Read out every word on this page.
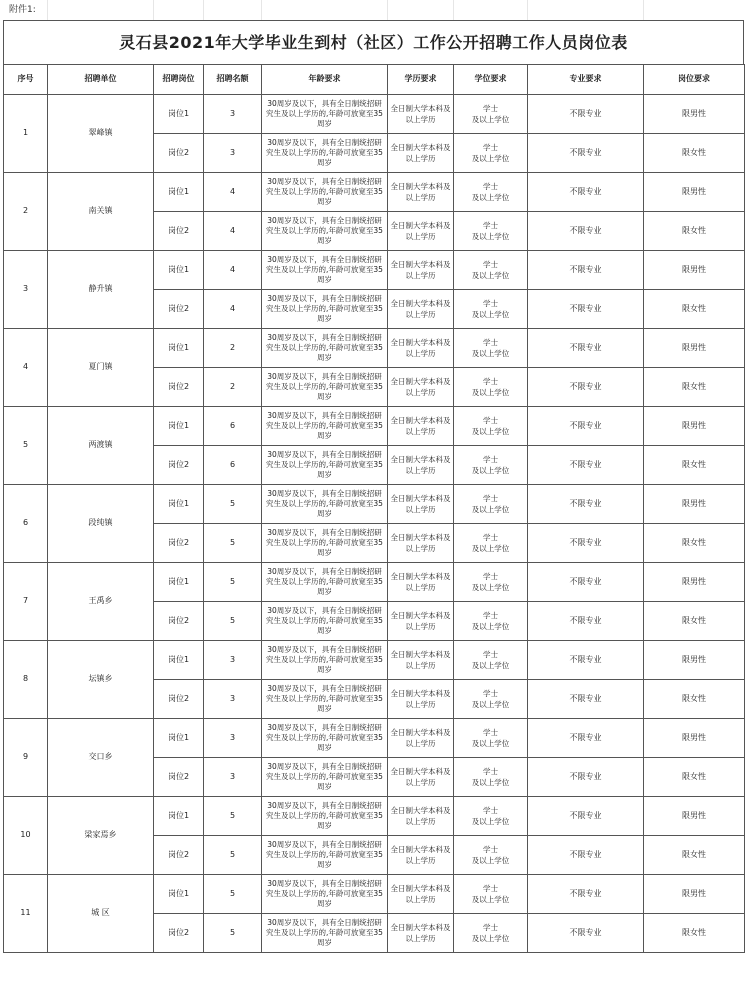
附件1:
灵石县2021年大学毕业生到村（社区）工作公开招聘工作人员岗位表
序号	招聘单位	招聘岗位	招聘名额	年龄要求	学历要求	学位要求	专业要求	岗位要求
1	翠峰镇	岗位1	3	30周岁及以下，具有全日制统招研究生及以上学历的,年龄可放宽至35周岁	全日制大学本科及以上学历	学士
及以上学位	不限专业	限男性
		岗位2	3	30周岁及以下，具有全日制统招研究生及以上学历的,年龄可放宽至35周岁	全日制大学本科及以上学历	学士
及以上学位	不限专业	限女性
2	南关镇	岗位1	4	30周岁及以下，具有全日制统招研究生及以上学历的,年龄可放宽至35周岁	全日制大学本科及以上学历	学士
及以上学位	不限专业	限男性
		岗位2	4	30周岁及以下，具有全日制统招研究生及以上学历的,年龄可放宽至35周岁	全日制大学本科及以上学历	学士
及以上学位	不限专业	限女性
3	静升镇	岗位1	4	30周岁及以下，具有全日制统招研究生及以上学历的,年龄可放宽至35周岁	全日制大学本科及以上学历	学士
及以上学位	不限专业	限男性
		岗位2	4	30周岁及以下，具有全日制统招研究生及以上学历的,年龄可放宽至35周岁	全日制大学本科及以上学历	学士
及以上学位	不限专业	限女性
4	夏门镇	岗位1	2	30周岁及以下，具有全日制统招研究生及以上学历的,年龄可放宽至35周岁	全日制大学本科及以上学历	学士
及以上学位	不限专业	限男性
		岗位2	2	30周岁及以下，具有全日制统招研究生及以上学历的,年龄可放宽至35周岁	全日制大学本科及以上学历	学士
及以上学位	不限专业	限女性
5	两渡镇	岗位1	6	30周岁及以下，具有全日制统招研究生及以上学历的,年龄可放宽至35周岁	全日制大学本科及以上学历	学士
及以上学位	不限专业	限男性
		岗位2	6	30周岁及以下，具有全日制统招研究生及以上学历的,年龄可放宽至35周岁	全日制大学本科及以上学历	学士
及以上学位	不限专业	限女性
6	段纯镇	岗位1	5	30周岁及以下，具有全日制统招研究生及以上学历的,年龄可放宽至35周岁	全日制大学本科及以上学历	学士
及以上学位	不限专业	限男性
		岗位2	5	30周岁及以下，具有全日制统招研究生及以上学历的,年龄可放宽至35周岁	全日制大学本科及以上学历	学士
及以上学位	不限专业	限女性
7	王禹乡	岗位1	5	30周岁及以下，具有全日制统招研究生及以上学历的,年龄可放宽至35周岁	全日制大学本科及以上学历	学士
及以上学位	不限专业	限男性
		岗位2	5	30周岁及以下，具有全日制统招研究生及以上学历的,年龄可放宽至35周岁	全日制大学本科及以上学历	学士
及以上学位	不限专业	限女性
8	坛镇乡	岗位1	3	30周岁及以下，具有全日制统招研究生及以上学历的,年龄可放宽至35周岁	全日制大学本科及以上学历	学士
及以上学位	不限专业	限男性
		岗位2	3	30周岁及以下，具有全日制统招研究生及以上学历的,年龄可放宽至35周岁	全日制大学本科及以上学历	学士
及以上学位	不限专业	限女性
9	交口乡	岗位1	3	30周岁及以下，具有全日制统招研究生及以上学历的,年龄可放宽至35周岁	全日制大学本科及以上学历	学士
及以上学位	不限专业	限男性
		岗位2	3	30周岁及以下，具有全日制统招研究生及以上学历的,年龄可放宽至35周岁	全日制大学本科及以上学历	学士
及以上学位	不限专业	限女性
10	梁家焉乡	岗位1	5	30周岁及以下，具有全日制统招研究生及以上学历的,年龄可放宽至35周岁	全日制大学本科及以上学历	学士
及以上学位	不限专业	限男性
		岗位2	5	30周岁及以下，具有全日制统招研究生及以上学历的,年龄可放宽至35周岁	全日制大学本科及以上学历	学士
及以上学位	不限专业	限女性
11	城 区	岗位1	5	30周岁及以下，具有全日制统招研究生及以上学历的,年龄可放宽至35周岁	全日制大学本科及以上学历	学士
及以上学位	不限专业	限男性
		岗位2	5	30周岁及以下，具有全日制统招研究生及以上学历的,年龄可放宽至35周岁	全日制大学本科及以上学历	学士
及以上学位	不限专业	限女性
